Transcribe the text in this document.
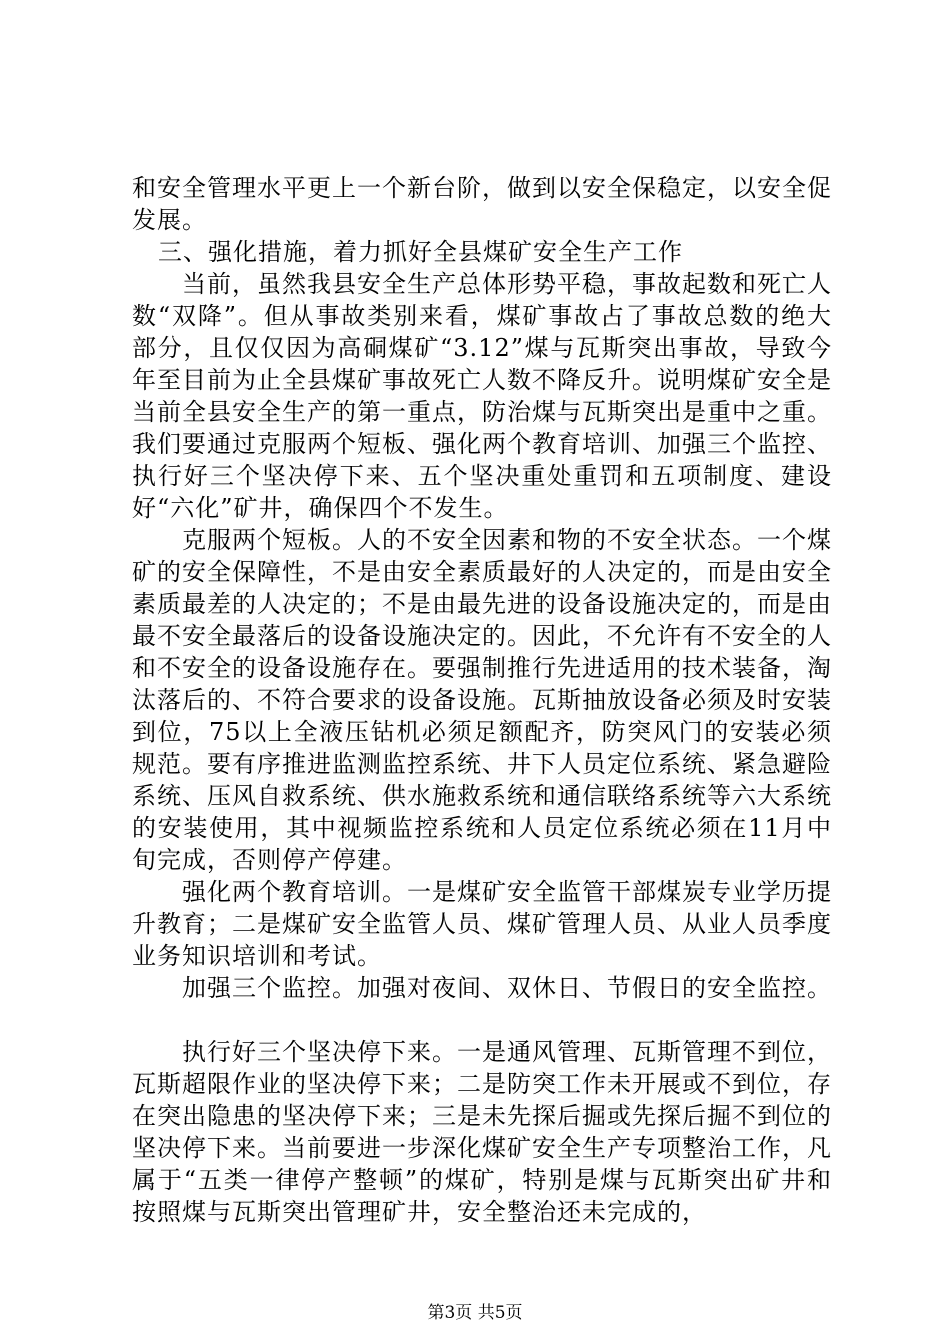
和安全管理水平更上一个新台阶，做到以安全保稳定，以安全促发展。

三、强化措施，着力抓好全县煤矿安全生产工作

当前，虽然我县安全生产总体形势平稳，事故起数和死亡人数“双降”。但从事故类别来看，煤矿事故占了事故总数的绝大部分，且仅仅因为高硐煤矿“3.12”煤与瓦斯突出事故，导致今年至目前为止全县煤矿事故死亡人数不降反升。说明煤矿安全是当前全县安全生产的第一重点，防治煤与瓦斯突出是重中之重。我们要通过克服两个短板、强化两个教育培训、加强三个监控、执行好三个坚决停下来、五个坚决重处重罚和五项制度、建设好“六化”矿井，确保四个不发生。

克服两个短板。人的不安全因素和物的不安全状态。一个煤矿的安全保障性，不是由安全素质最好的人决定的，而是由安全素质最差的人决定的；不是由最先进的设备设施决定的，而是由最不安全最落后的设备设施决定的。因此，不允许有不安全的人和不安全的设备设施存在。要强制推行先进适用的技术装备，淘汰落后的、不符合要求的设备设施。瓦斯抽放设备必须及时安装到位，75以上全液压钻机必须足额配齐，防突风门的安装必须规范。要有序推进监测监控系统、井下人员定位系统、紧急避险系统、压风自救系统、供水施救系统和通信联络系统等六大系统的安装使用，其中视频监控系统和人员定位系统必须在11月中旬完成，否则停产停建。

强化两个教育培训。一是煤矿安全监管干部煤炭专业学历提升教育；二是煤矿安全监管人员、煤矿管理人员、从业人员季度业务知识培训和考试。

加强三个监控。加强对夜间、双休日、节假日的安全监控。

执行好三个坚决停下来。一是通风管理、瓦斯管理不到位，瓦斯超限作业的坚决停下来；二是防突工作未开展或不到位，存在突出隐患的坚决停下来；三是未先探后掘或先探后掘不到位的坚决停下来。当前要进一步深化煤矿安全生产专项整治工作，凡属于“五类一律停产整顿”的煤矿，特别是煤与瓦斯突出矿井和按照煤与瓦斯突出管理矿井，安全整治还未完成的，

第3页 共5页
